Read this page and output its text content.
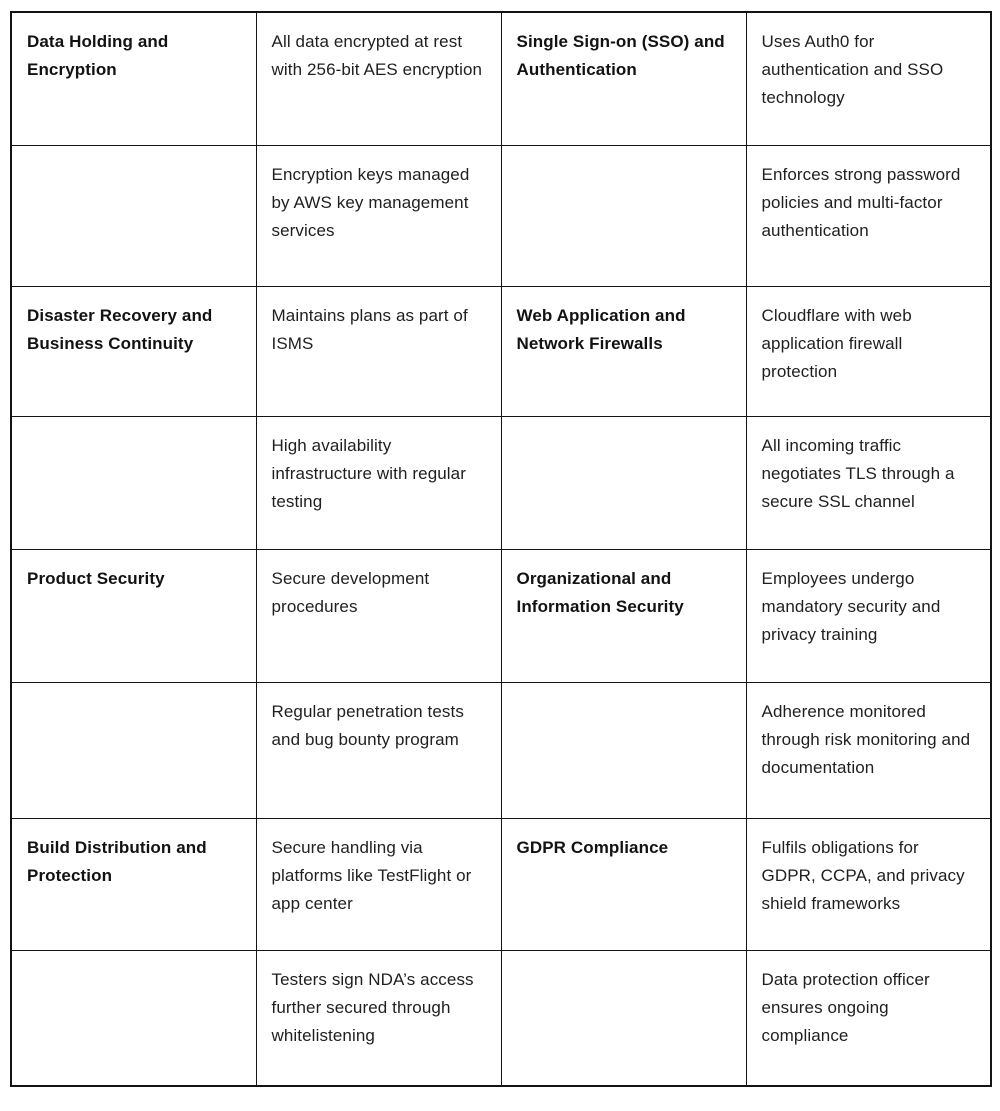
Data Holding and Encryption	All data encrypted at rest with 256-bit AES encryption	Single Sign-on (SSO) and Authentication	Uses Auth0 for authentication and SSO technology
	Encryption keys managed by AWS key management services		Enforces strong password policies and multi-factor authentication
Disaster Recovery and Business Continuity	Maintains plans as part of ISMS	Web Application and Network Firewalls	Cloudflare with web application firewall protection
	High availability infrastructure with regular testing		All incoming traffic negotiates TLS through a secure SSL channel
Product Security	Secure development procedures	Organizational and Information Security	Employees undergo mandatory security and privacy training
	Regular penetration tests and bug bounty program		Adherence monitored through risk monitoring and documentation
Build Distribution and Protection	Secure handling via platforms like TestFlight or app center	GDPR Compliance	Fulfils obligations for GDPR, CCPA, and privacy shield frameworks
	Testers sign NDA’s access further secured through whitelistening		Data protection officer ensures ongoing compliance
